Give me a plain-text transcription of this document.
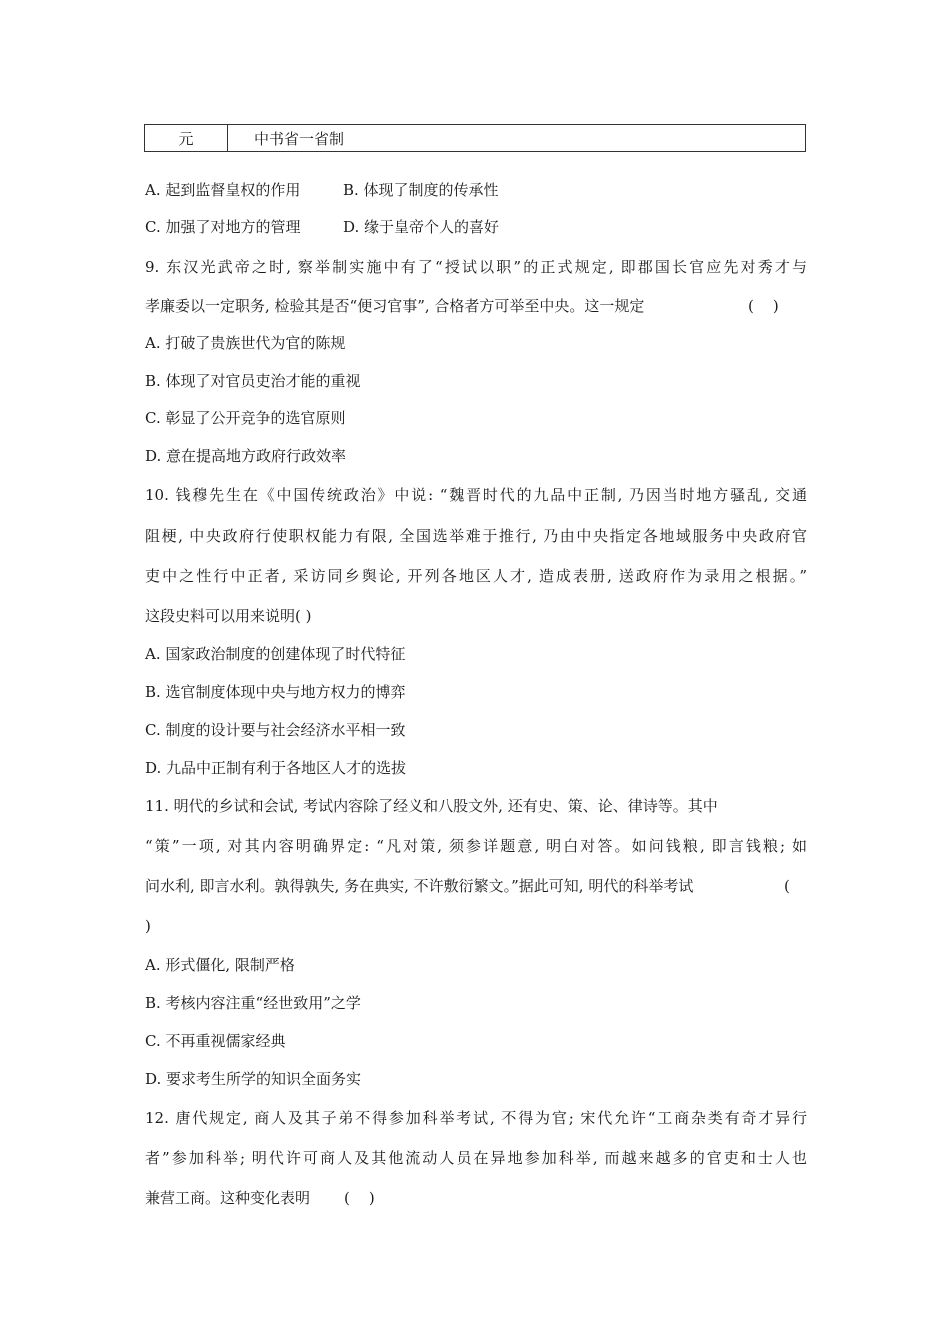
元	中书省一省制
A. 起到监督皇权的作用	B. 体现了制度的传承性
C. 加强了对地方的管理	D. 缘于皇帝个人的喜好
9. 东汉光武帝之时, 察举制实施中有了“授试以职”的正式规定, 即郡国长官应先对秀才与
孝廉委以一定职务, 检验其是否“便习官事”, 合格者方可举至中央。这一规定	(    )
A. 打破了贵族世代为官的陈规
B. 体现了对官员吏治才能的重视
C. 彰显了公开竞争的选官原则
D. 意在提高地方政府行政效率
10. 钱穆先生在《中国传统政治》中说: “魏晋时代的九品中正制, 乃因当时地方骚乱, 交通
阻梗, 中央政府行使职权能力有限, 全国选举难于推行, 乃由中央指定各地域服务中央政府官
吏中之性行中正者, 采访同乡舆论, 开列各地区人才, 造成表册, 送政府作为录用之根据。”
这段史料可以用来说明( )
A. 国家政治制度的创建体现了时代特征
B. 选官制度体现中央与地方权力的博弈
C. 制度的设计要与社会经济水平相一致
D. 九品中正制有利于各地区人才的选拔
11. 明代的乡试和会试, 考试内容除了经义和八股文外, 还有史、策、论、律诗等。其中
“策”一项, 对其内容明确界定: “凡对策, 须参详题意, 明白对答。如问钱粮, 即言钱粮; 如
问水利, 即言水利。孰得孰失, 务在典实, 不许敷衍繁文。”据此可知, 明代的科举考试	(
)
A. 形式僵化, 限制严格
B. 考核内容注重“经世致用”之学
C. 不再重视儒家经典
D. 要求考生所学的知识全面务实
12. 唐代规定, 商人及其子弟不得参加科举考试, 不得为官; 宋代允许“工商杂类有奇才异行
者”参加科举; 明代许可商人及其他流动人员在异地参加科举, 而越来越多的官吏和士人也
兼营工商。这种变化表明 (    )
